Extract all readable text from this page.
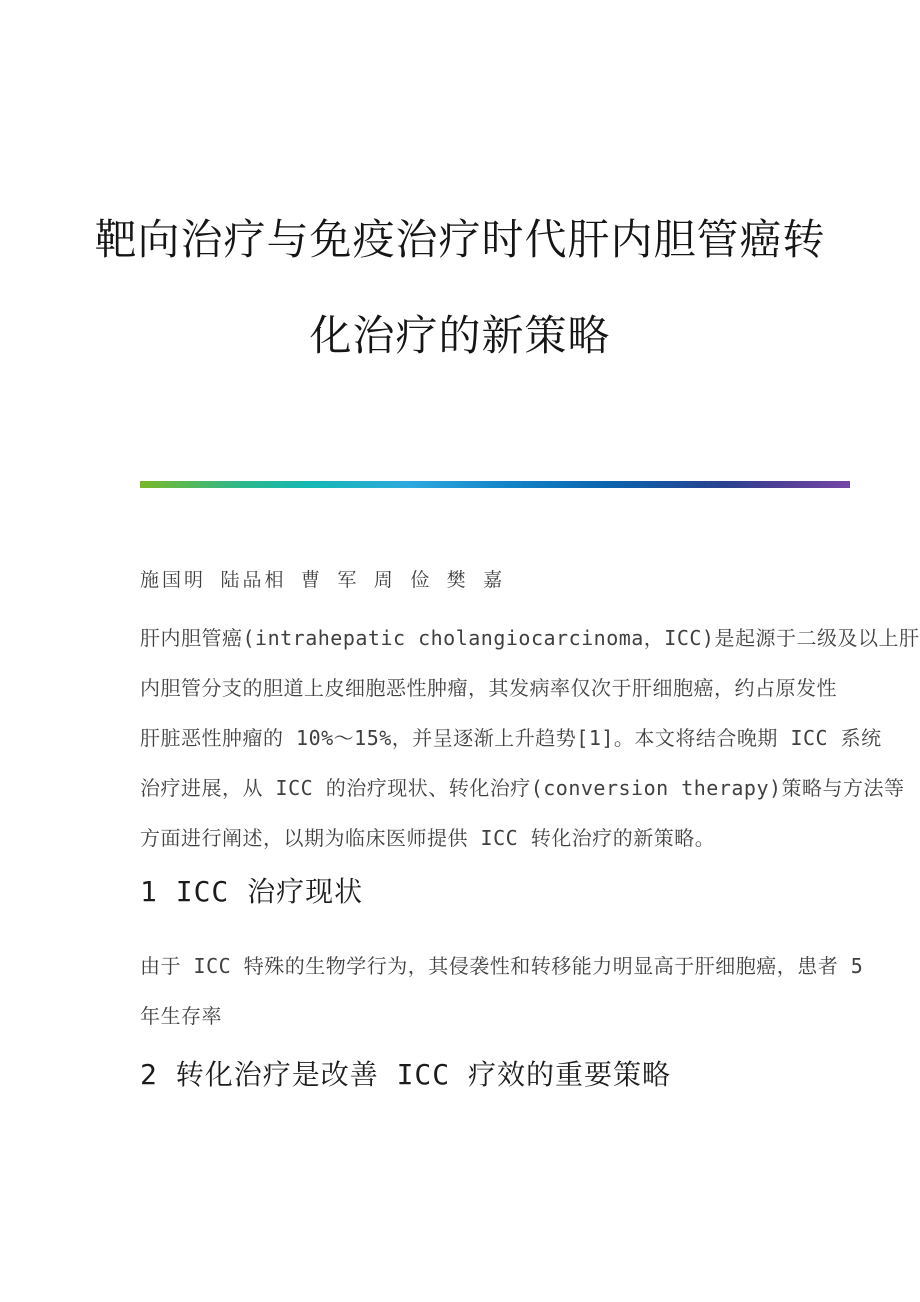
靶向治疗与免疫治疗时代肝内胆管癌转
化治疗的新策略
施国明 陆品相 曹 军 周 俭 樊 嘉
肝内胆管癌(intrahepatic cholangiocarcinoma，ICC)是起源于二级及以上肝
内胆管分支的胆道上皮细胞恶性肿瘤，其发病率仅次于肝细胞癌，约占原发性
肝脏恶性肿瘤的 10%～15%，并呈逐渐上升趋势[1]。本文将结合晚期 ICC 系统
治疗进展，从 ICC 的治疗现状、转化治疗(conversion therapy)策略与方法等
方面进行阐述，以期为临床医师提供 ICC 转化治疗的新策略。
1 ICC 治疗现状
由于 ICC 特殊的生物学行为，其侵袭性和转移能力明显高于肝细胞癌，患者 5
年生存率
2 转化治疗是改善 ICC 疗效的重要策略
